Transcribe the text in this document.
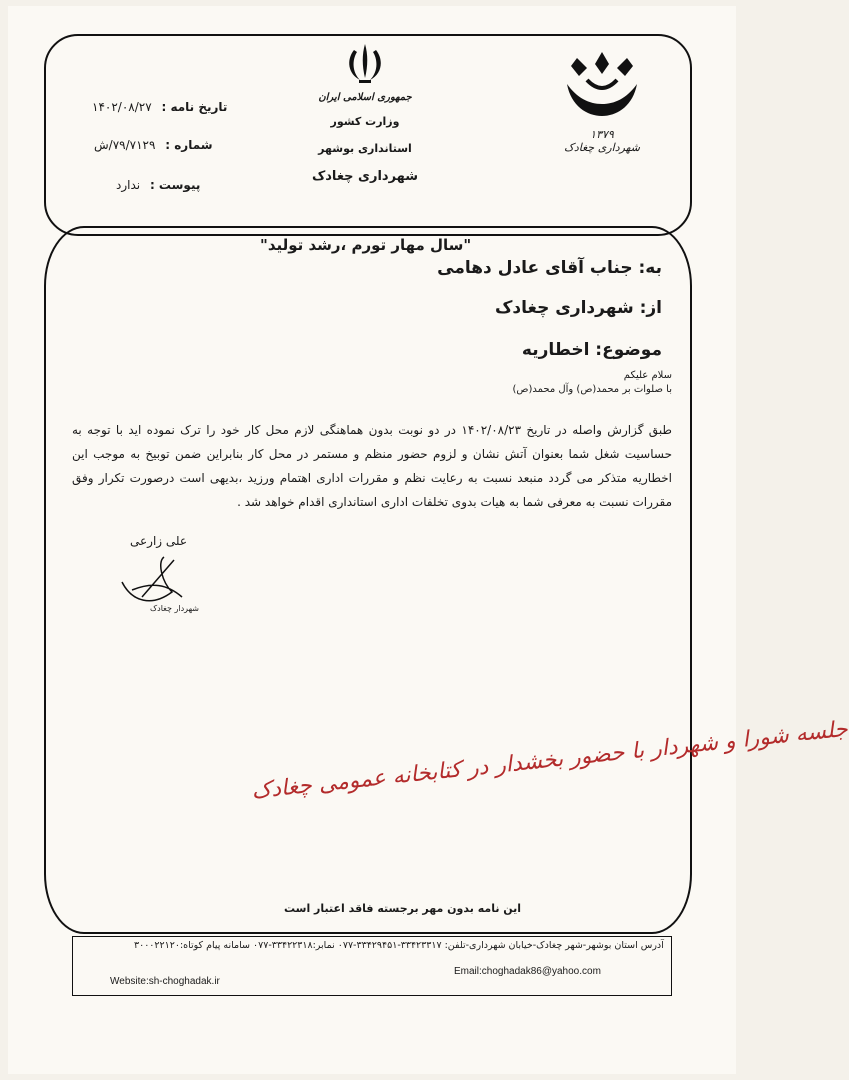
تاریخ نامه : ۱۴۰۲/۰۸/۲۷
شماره : ۷۹/۷۱۲۹/ش
پیوست : ندارد
جمهوری اسلامی ایران
وزارت کشور
استانداری بوشهر
شهرداری چغادک
۱۳۷۹
شهرداری چغادک
"سال مهار تورم ،رشد تولید"
به: جناب آقای عادل دهامی
از: شهرداری چغادک
موضوع: اخطاریه
سلام علیکم
با صلوات بر محمد(ص) وآل محمد(ص)
طبق گزارش واصله در تاریخ ۱۴۰۲/۰۸/۲۳ در دو نوبت بدون هماهنگی لازم محل کار خود را ترک نموده اید با توجه به حساسیت شغل شما بعنوان آتش نشان و لزوم حضور منظم و مستمر در محل کار بنابراین ضمن توبیخ به موجب این اخطاریه متذکر می گردد منبعد نسبت به رعایت نظم و مقررات اداری اهتمام ورزید ،بدیهی است درصورت تکرار وفق مقررات نسبت به معرفی شما به هیات بدوی تخلفات اداری استانداری اقدام خواهد شد .
علی زارعی
شهردار چغادک
جلسه شورا و شهردار با حضور بخشدار در کتابخانه عمومی چغادک
این نامه بدون مهر برجسته فاقد اعتبار است
آدرس استان بوشهر-شهر چغادک-خیابان شهرداری-تلفن: ۳۳۴۲۳۳۱۷-۳۳۴۲۹۴۵۱-۰۷۷ نمابر:۳۳۴۲۲۳۱۸-۰۷۷ سامانه پیام کوتاه:۳۰۰۰۲۲۱۲۰
Email:choghadak86@yahoo.com
Website:sh-choghadak.ir
